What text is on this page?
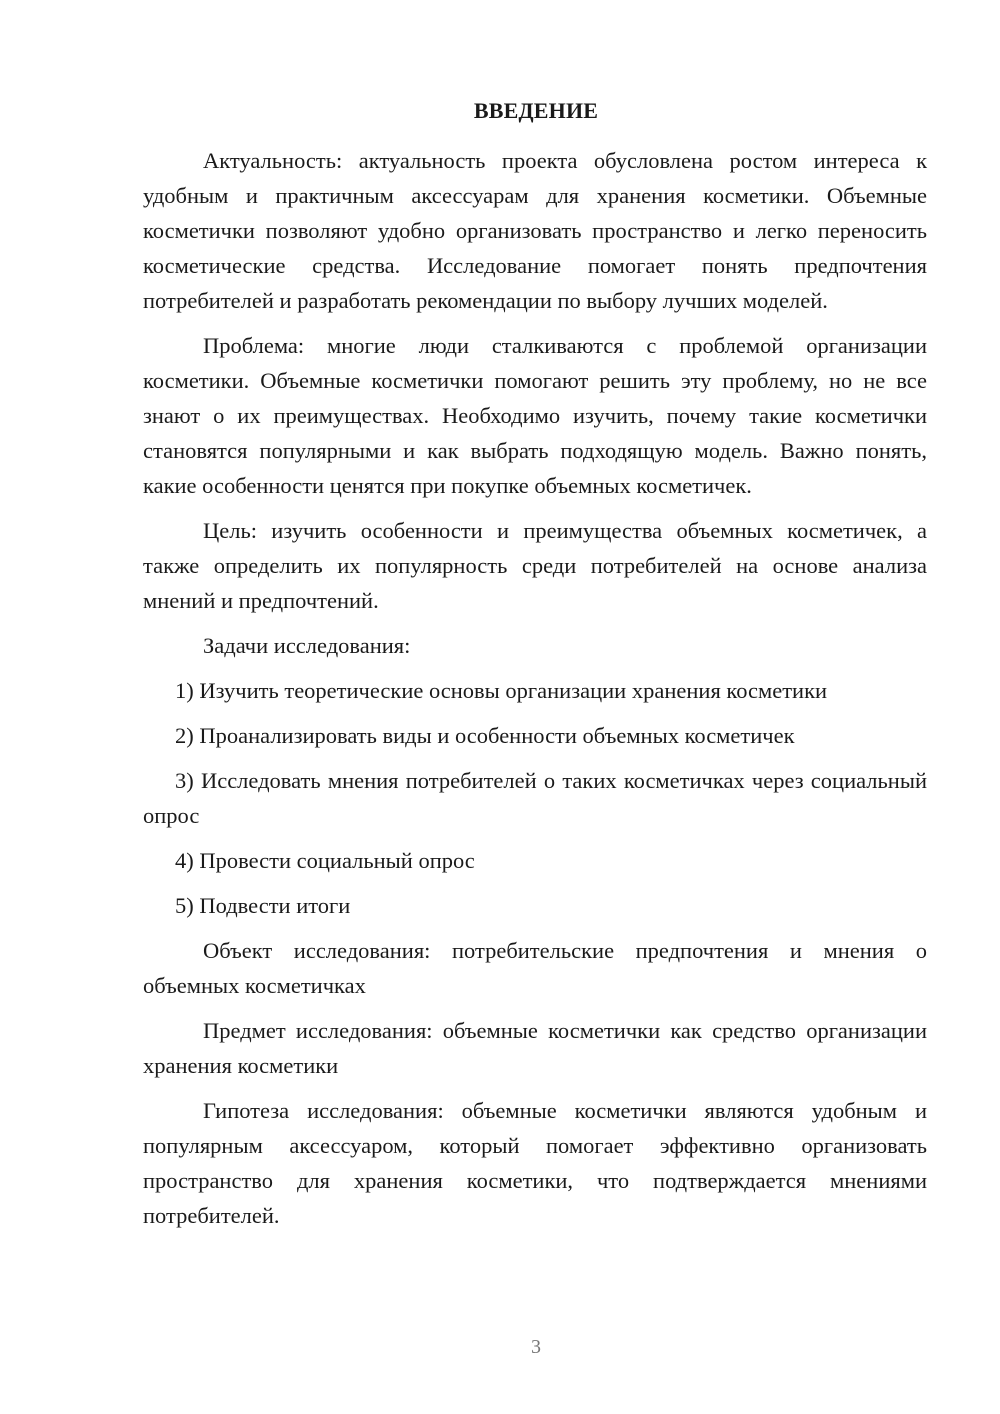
ВВЕДЕНИЕ

Актуальность: актуальность проекта обусловлена ростом интереса к удобным и практичным аксессуарам для хранения косметики. Объемные косметички позволяют удобно организовать пространство и легко переносить косметические средства. Исследование помогает понять предпочтения потребителей и разработать рекомендации по выбору лучших моделей.

Проблема: многие люди сталкиваются с проблемой организации косметики. Объемные косметички помогают решить эту проблему, но не все знают о их преимуществах. Необходимо изучить, почему такие косметички становятся популярными и как выбрать подходящую модель. Важно понять, какие особенности ценятся при покупке объемных косметичек.

Цель: изучить особенности и преимущества объемных косметичек, а также определить их популярность среди потребителей на основе анализа мнений и предпочтений.

Задачи исследования:

1) Изучить теоретические основы организации хранения косметики

2) Проанализировать виды и особенности объемных косметичек

3) Исследовать мнения потребителей о таких косметичках через социальный опрос

4) Провести социальный опрос

5) Подвести итоги

Объект исследования: потребительские предпочтения и мнения о объемных косметичках

Предмет исследования: объемные косметички как средство организации хранения косметики

Гипотеза исследования: объемные косметички являются удобным и популярным аксессуаром, который помогает эффективно организовать пространство для хранения косметики, что подтверждается мнениями потребителей.

3
